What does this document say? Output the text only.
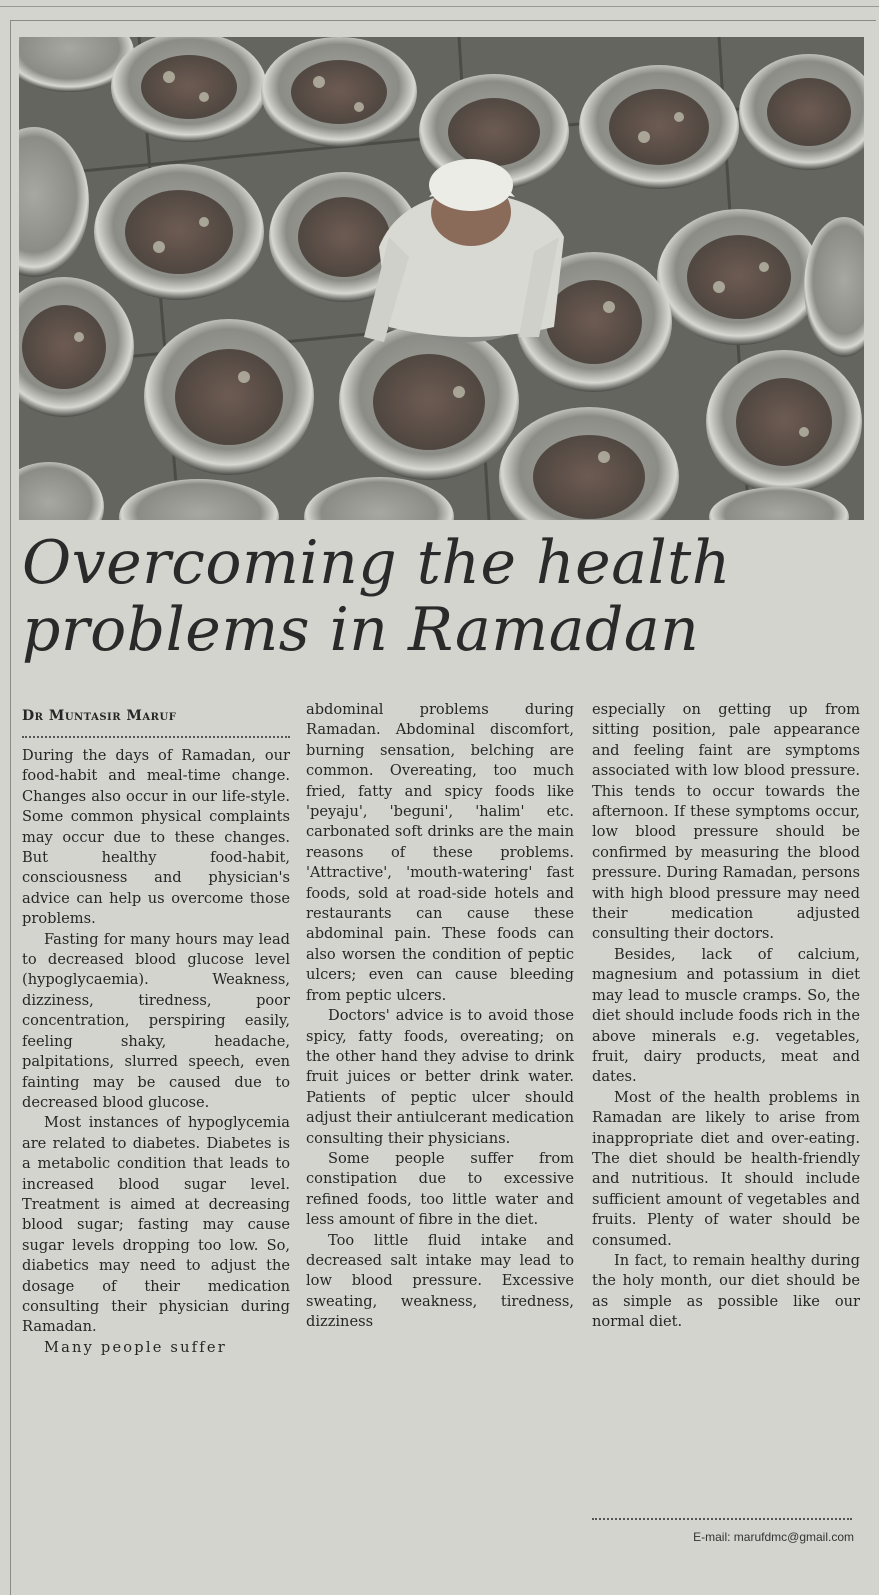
Overcoming the health
problems in Ramadan
Dr Muntasir Maruf

During the days of Ramadan, our food-habit and meal-time change. Changes also occur in our life-style. Some common physical complaints may occur due to these changes. But healthy food-habit, consciousness and physician's advice can help us overcome those problems.

Fasting for many hours may lead to decreased blood glucose level (hypoglycaemia). Weakness, dizziness, tiredness, poor concentration, perspiring easily, feeling shaky, headache, palpitations, slurred speech, even fainting may be caused due to decreased blood glucose.

Most instances of hypoglycemia are related to diabetes. Diabetes is a metabolic condition that leads to increased blood sugar level. Treatment is aimed at decreasing blood sugar; fasting may cause sugar levels dropping too low. So, diabetics may need to adjust the dosage of their medication consulting their physician during Ramadan.

Many people suffer

abdominal problems during Ramadan. Abdominal discomfort, burning sensation, belching are common. Overeating, too much fried, fatty and spicy foods like 'peyaju', 'beguni', 'halim' etc. carbonated soft drinks are the main reasons of these problems. 'Attractive', 'mouth-watering' fast foods, sold at road-side hotels and restaurants can cause these abdominal pain. These foods can also worsen the condition of peptic ulcers; even can cause bleeding from peptic ulcers.

Doctors' advice is to avoid those spicy, fatty foods, overeating; on the other hand they advise to drink fruit juices or better drink water. Patients of peptic ulcer should adjust their antiulcerant medication consulting their physicians.

Some people suffer from constipation due to excessive refined foods, too little water and less amount of fibre in the diet.

Too little fluid intake and decreased salt intake may lead to low blood pressure. Excessive sweating, weakness, tiredness, dizziness

especially on getting up from sitting position, pale appearance and feeling faint are symptoms associated with low blood pressure. This tends to occur towards the afternoon. If these symptoms occur, low blood pressure should be confirmed by measuring the blood pressure. During Ramadan, persons with high blood pressure may need their medication adjusted consulting their doctors.

Besides, lack of calcium, magnesium and potassium in diet may lead to muscle cramps. So, the diet should include foods rich in the above minerals e.g. vegetables, fruit, dairy products, meat and dates.

Most of the health problems in Ramadan are likely to arise from inappropriate diet and over-eating. The diet should be health-friendly and nutritious. It should include sufficient amount of vegetables and fruits. Plenty of water should be consumed.

In fact, to remain healthy during the holy month, our diet should be as simple as possible like our normal diet.

E-mail: marufdmc@gmail.com
